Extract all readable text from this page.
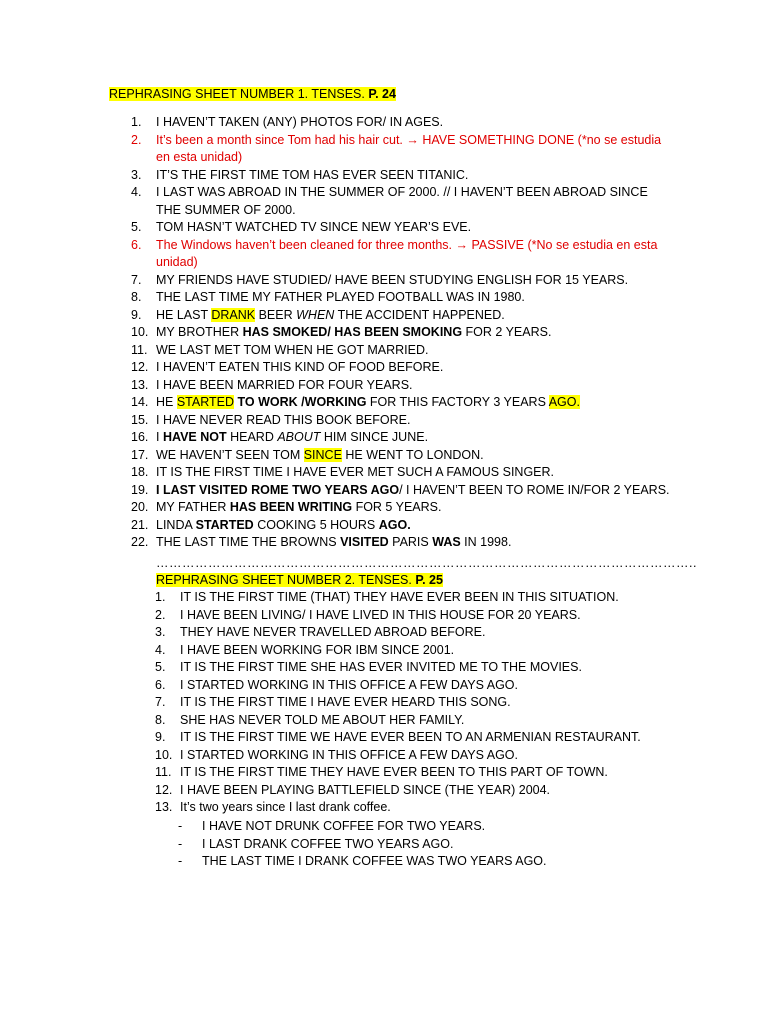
REPHRASING SHEET NUMBER 1. TENSES. P. 24
1.	I HAVEN’T TAKEN (ANY) PHOTOS FOR/ IN AGES.
2.	It’s been a month since Tom had his hair cut. → HAVE SOMETHING DONE (*no se estudia en esta unidad)
3.	IT’S THE FIRST TIME TOM HAS EVER SEEN TITANIC.
4.	I LAST WAS ABROAD IN THE SUMMER OF 2000. // I HAVEN’T BEEN ABROAD SINCE THE SUMMER OF 2000.
5.	TOM HASN’T WATCHED TV SINCE NEW YEAR’S EVE.
6.	The Windows haven’t been cleaned for three months. → PASSIVE (*No se estudia en esta unidad)
7.	MY FRIENDS HAVE STUDIED/ HAVE BEEN STUDYING ENGLISH FOR 15 YEARS.
8.	THE LAST TIME MY FATHER PLAYED FOOTBALL WAS IN 1980.
9.	HE LAST DRANK BEER WHEN THE ACCIDENT HAPPENED.
10. MY BROTHER HAS SMOKED/ HAS BEEN SMOKING FOR 2 YEARS.
11. WE LAST MET TOM WHEN HE GOT MARRIED.
12. I HAVEN’T EATEN THIS KIND OF FOOD BEFORE.
13. I HAVE BEEN MARRIED FOR FOUR YEARS.
14. HE STARTED TO WORK /WORKING FOR THIS FACTORY 3 YEARS AGO.
15. I HAVE NEVER READ THIS BOOK BEFORE.
16. I HAVE NOT HEARD ABOUT HIM SINCE JUNE.
17. WE HAVEN’T SEEN TOM SINCE HE WENT TO LONDON.
18. IT IS THE FIRST TIME I HAVE EVER MET SUCH A FAMOUS SINGER.
19. I LAST VISITED ROME TWO YEARS AGO/ I HAVEN’T BEEN TO ROME IN/FOR 2 YEARS.
20. MY FATHER HAS BEEN WRITING FOR 5 YEARS.
21. LINDA STARTED COOKING 5 HOURS AGO.
22. THE LAST TIME THE BROWNS VISITED PARIS WAS IN 1998.
……………………………………………………………………………………………………………..
REPHRASING SHEET NUMBER 2. TENSES. P. 25
1.	IT IS THE FIRST TIME (THAT) THEY HAVE EVER BEEN IN THIS SITUATION.
2.	I HAVE BEEN LIVING/ I HAVE LIVED IN THIS HOUSE FOR 20 YEARS.
3.	THEY HAVE NEVER TRAVELLED ABROAD BEFORE.
4.	I HAVE BEEN WORKING FOR IBM SINCE 2001.
5.	IT IS THE FIRST TIME SHE HAS EVER INVITED ME TO THE MOVIES.
6.	I STARTED WORKING IN THIS OFFICE A FEW DAYS AGO.
7.	IT IS THE FIRST TIME I HAVE EVER HEARD THIS SONG.
8.	SHE HAS NEVER TOLD ME ABOUT HER FAMILY.
9.	IT IS THE FIRST TIME WE HAVE EVER BEEN TO AN ARMENIAN RESTAURANT.
10. I STARTED WORKING IN THIS OFFICE A FEW DAYS AGO.
11. IT IS THE FIRST TIME THEY HAVE EVER BEEN TO THIS PART OF TOWN.
12. I HAVE BEEN PLAYING BATTLEFIELD SINCE (THE YEAR) 2004.
13. It’s two years since I last drank coffee.
- I HAVE NOT DRUNK COFFEE FOR TWO YEARS.
- I LAST DRANK COFFEE TWO YEARS AGO.
- THE LAST TIME I DRANK COFFEE WAS TWO YEARS AGO.
